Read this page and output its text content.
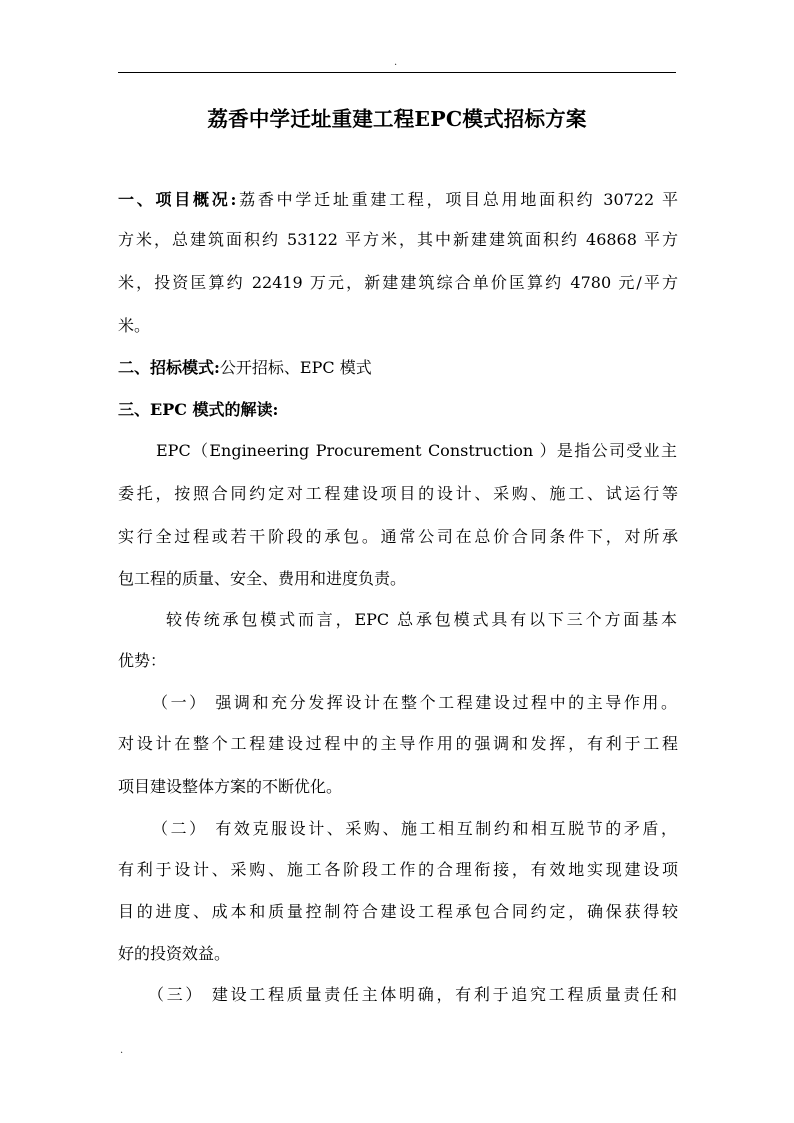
.
荔香中学迁址重建工程EPC模式招标方案
一、项目概况:荔香中学迁址重建工程，项目总用地面积约 30722 平
方米，总建筑面积约 53122 平方米，其中新建建筑面积约 46868 平方
米，投资匡算约 22419 万元，新建建筑综合单价匡算约 4780 元/平方
米。
二、招标模式:公开招标、EPC 模式
三、EPC 模式的解读:
EPC（Engineering Procurement Construction ）是指公司受业主
委托，按照合同约定对工程建设项目的设计、采购、施工、试运行等
实行全过程或若干阶段的承包。通常公司在总价合同条件下，对所承
包工程的质量、安全、费用和进度负责。
较传统承包模式而言，EPC 总承包模式具有以下三个方面基本
优势：
（一） 强调和充分发挥设计在整个工程建设过程中的主导作用。
对设计在整个工程建设过程中的主导作用的强调和发挥，有利于工程
项目建设整体方案的不断优化。
（二） 有效克服设计、采购、施工相互制约和相互脱节的矛盾，
有利于设计、采购、施工各阶段工作的合理衔接，有效地实现建设项
目的进度、成本和质量控制符合建设工程承包合同约定，确保获得较
好的投资效益。
（三） 建设工程质量责任主体明确，有利于追究工程质量责任和
.
